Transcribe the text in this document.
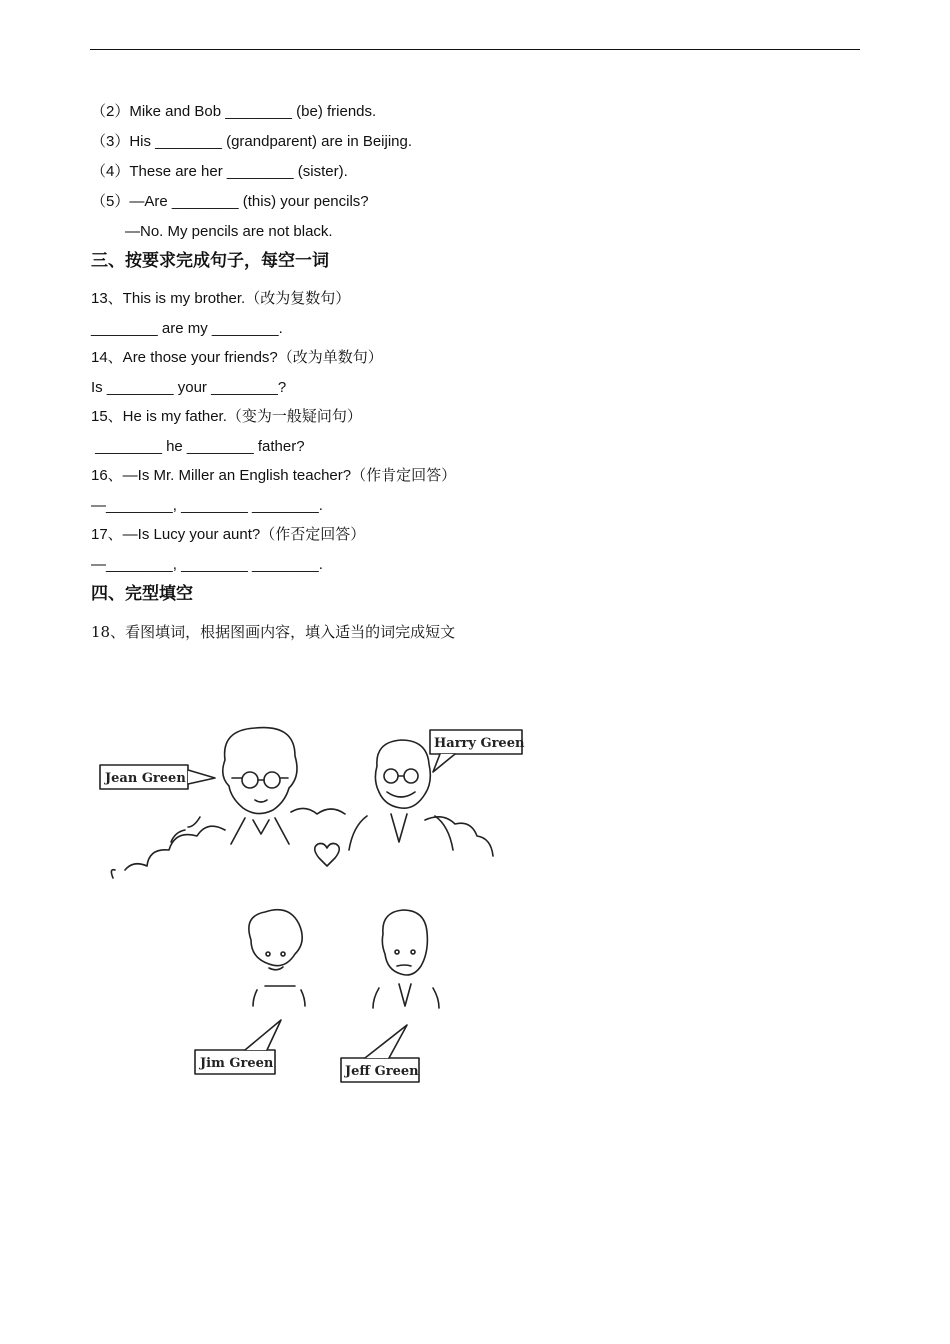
（2）Mike and Bob ________ (be) friends.
（3）His ________ (grandparent) are in Beijing.
（4）These are her ________ (sister).
（5）—Are ________ (this) your pencils?
—No. My pencils are not black.
三、按要求完成句子，每空一词
13、This is my brother.（改为复数句）
________ are my ________.
14、Are those your friends?（改为单数句）
Is ________ your ________?
15、He is my father.（变为一般疑问句）
________ he ________ father?
16、—Is Mr. Miller an English teacher?（作肯定回答）
—________, ________ ________.
17、—Is Lucy your aunt?（作否定回答）
—________, ________ ________.
四、完型填空
18、看图填词，根据图画内容，填入适当的词完成短文
Jean Green
Harry Green
Jim Green
Jeff Green
